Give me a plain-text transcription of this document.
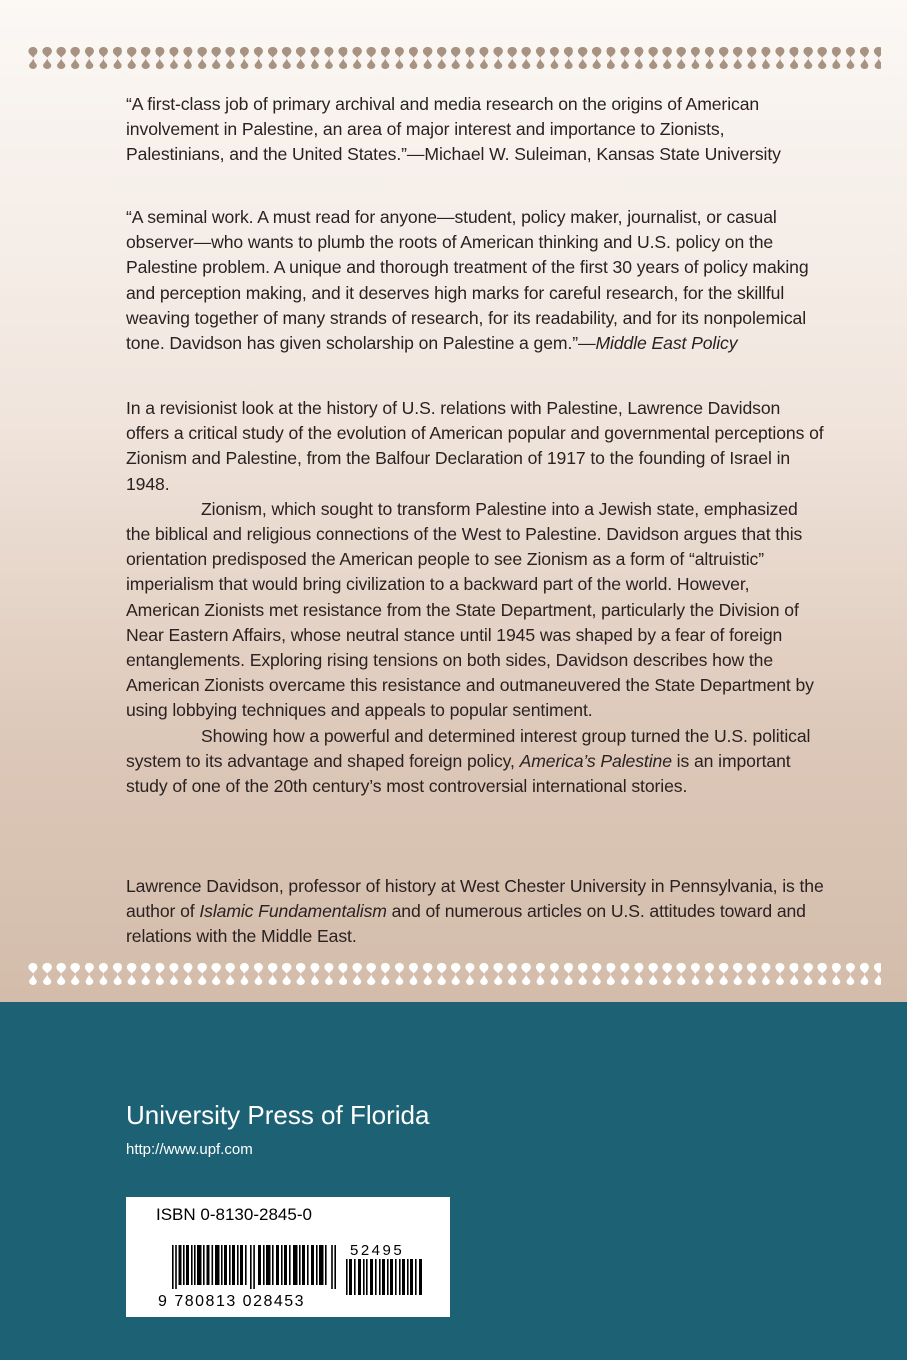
“A first-class job of primary archival and media research on the origins of American involvement in Palestine, an area of major interest and importance to Zionists, Palestinians, and the United States.”—Michael W. Suleiman, Kansas State University

“A seminal work. A must read for anyone—student, policy maker, journalist, or casual observer—who wants to plumb the roots of American thinking and U.S. policy on the Palestine problem. A unique and thorough treatment of the first 30 years of policy making and perception making, and it deserves high marks for careful research, for the skillful weaving together of many strands of research, for its readability, and for its nonpolemical tone. Davidson has given scholarship on Palestine a gem.”—Middle East Policy

In a revisionist look at the history of U.S. relations with Palestine, Lawrence Davidson offers a critical study of the evolution of American popular and governmental perceptions of Zionism and Palestine, from the Balfour Declaration of 1917 to the founding of Israel in 1948.

Zionism, which sought to transform Palestine into a Jewish state, emphasized the biblical and religious connections of the West to Palestine. Davidson argues that this orientation predisposed the American people to see Zionism as a form of “altruistic” imperialism that would bring civilization to a backward part of the world. However, American Zionists met resistance from the State Department, particularly the Division of Near Eastern Affairs, whose neutral stance until 1945 was shaped by a fear of foreign entanglements. Exploring rising tensions on both sides, Davidson describes how the American Zionists overcame this resistance and outmaneuvered the State Department by using lobbying techniques and appeals to popular sentiment.

Showing how a powerful and determined interest group turned the U.S. political system to its advantage and shaped foreign policy, America’s Palestine is an important study of one of the 20th century’s most controversial international stories.

Lawrence Davidson, professor of history at West Chester University in Pennsylvania, is the author of Islamic Fundamentalism and of numerous articles on U.S. attitudes toward and relations with the Middle East.

University Press of Florida
http://www.upf.com
ISBN 0-8130-2845-0
52495
9 780813 028453
